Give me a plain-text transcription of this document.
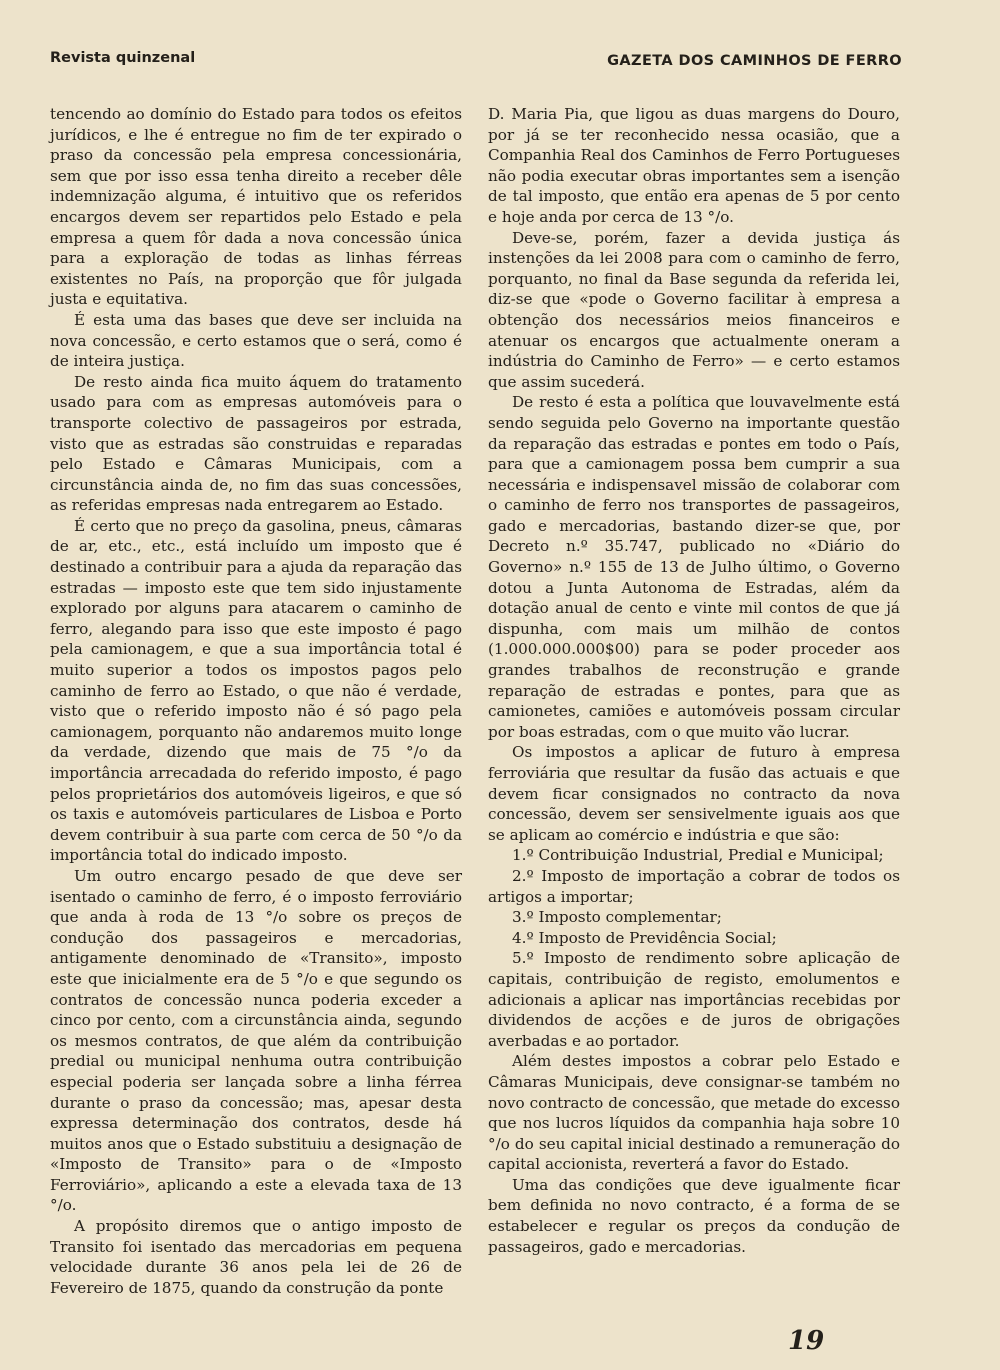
Revista quinzenal	GAZETA DOS CAMINHOS DE FERRO

tencendo ao domínio do Estado para todos os efeitos jurídicos, e lhe é entregue no fim de ter expirado o praso da concessão pela empresa concessionária, sem que por isso essa tenha direito a receber dêle indemnização alguma, é intuitivo que os referidos encargos devem ser repartidos pelo Estado e pela empresa a quem fôr dada a nova concessão única para a exploração de todas as linhas férreas existentes no País, na proporção que fôr julgada justa e equitativa.

É esta uma das bases que deve ser incluida na nova concessão, e certo estamos que o será, como é de inteira justiça.

De resto ainda fica muito áquem do tratamento usado para com as empresas automóveis para o transporte colectivo de passageiros por estrada, visto que as estradas são construidas e reparadas pelo Estado e Câmaras Municipais, com a circunstância ainda de, no fim das suas concessões, as referidas empresas nada entregarem ao Estado.

É certo que no preço da gasolina, pneus, câmaras de ar, etc., etc., está incluído um imposto que é destinado a contribuir para a ajuda da reparação das estradas — imposto este que tem sido injustamente explorado por alguns para atacarem o caminho de ferro, alegando para isso que este imposto é pago pela camionagem, e que a sua importância total é muito superior a todos os impostos pagos pelo caminho de ferro ao Estado, o que não é verdade, visto que o referido imposto não é só pago pela camionagem, porquanto não andaremos muito longe da verdade, dizendo que mais de 75 °/o da importância arrecadada do referido imposto, é pago pelos proprietários dos automóveis ligeiros, e que só os taxis e automóveis particulares de Lisboa e Porto devem contribuir à sua parte com cerca de 50 °/o da importância total do indicado imposto.

Um outro encargo pesado de que deve ser isentado o caminho de ferro, é o imposto ferroviário que anda à roda de 13 °/o sobre os preços de condução dos passageiros e mercadorias, antigamente denominado de «Transito», imposto este que inicialmente era de 5 °/o e que segundo os contratos de concessão nunca poderia exceder a cinco por cento, com a circunstância ainda, segundo os mesmos contratos, de que além da contribuição predial ou municipal nenhuma outra contribuição especial poderia ser lançada sobre a linha férrea durante o praso da concessão; mas, apesar desta expressa determinação dos contratos, desde há muitos anos que o Estado substituiu a designação de «Imposto de Transito» para o de «Imposto Ferroviário», aplicando a este a elevada taxa de 13 °/o.

A propósito diremos que o antigo imposto de Transito foi isentado das mercadorias em pequena velocidade durante 36 anos pela lei de 26 de Fevereiro de 1875, quando da construção da ponte

D. Maria Pia, que ligou as duas margens do Douro, por já se ter reconhecido nessa ocasião, que a Companhia Real dos Caminhos de Ferro Portugueses não podia executar obras importantes sem a isenção de tal imposto, que então era apenas de 5 por cento e hoje anda por cerca de 13 °/o.

Deve-se, porém, fazer a devida justiça ás instenções da lei 2008 para com o caminho de ferro, porquanto, no final da Base segunda da referida lei, diz-se que «pode o Governo facilitar à empresa a obtenção dos necessários meios financeiros e atenuar os encargos que actualmente oneram a indústria do Caminho de Ferro» — e certo estamos que assim sucederá.

De resto é esta a política que louvavelmente está sendo seguida pelo Governo na importante questão da reparação das estradas e pontes em todo o País, para que a camionagem possa bem cumprir a sua necessária e indispensavel missão de colaborar com o caminho de ferro nos transportes de passageiros, gado e mercadorias, bastando dizer-se que, por Decreto n.º 35.747, publicado no «Diário do Governo» n.º 155 de 13 de Julho último, o Governo dotou a Junta Autonoma de Estradas, além da dotação anual de cento e vinte mil contos de que já dispunha, com mais um milhão de contos (1.000.000.000$00) para se poder proceder aos grandes trabalhos de reconstrução e grande reparação de estradas e pontes, para que as camionetes, camiões e automóveis possam circular por boas estradas, com o que muito vão lucrar.

Os impostos a aplicar de futuro à empresa ferroviária que resultar da fusão das actuais e que devem ficar consignados no contracto da nova concessão, devem ser sensivelmente iguais aos que se aplicam ao comércio e indústria e que são:

1.º Contribuição Industrial, Predial e Municipal;

2.º Imposto de importação a cobrar de todos os artigos a importar;

3.º Imposto complementar;

4.º Imposto de Previdência Social;

5.º Imposto de rendimento sobre aplicação de capitais, contribuição de registo, emolumentos e adicionais a aplicar nas importâncias recebidas por dividendos de acções e de juros de obrigações averbadas e ao portador.

Além destes impostos a cobrar pelo Estado e Câmaras Municipais, deve consignar-se também no novo contracto de concessão, que metade do excesso que nos lucros líquidos da companhia haja sobre 10 °/o do seu capital inicial destinado a remuneração do capital accionista, reverterá a favor do Estado.

Uma das condições que deve igualmente ficar bem definida no novo contracto, é a forma de se estabelecer e regular os preços da condução de passageiros, gado e mercadorias.

19
